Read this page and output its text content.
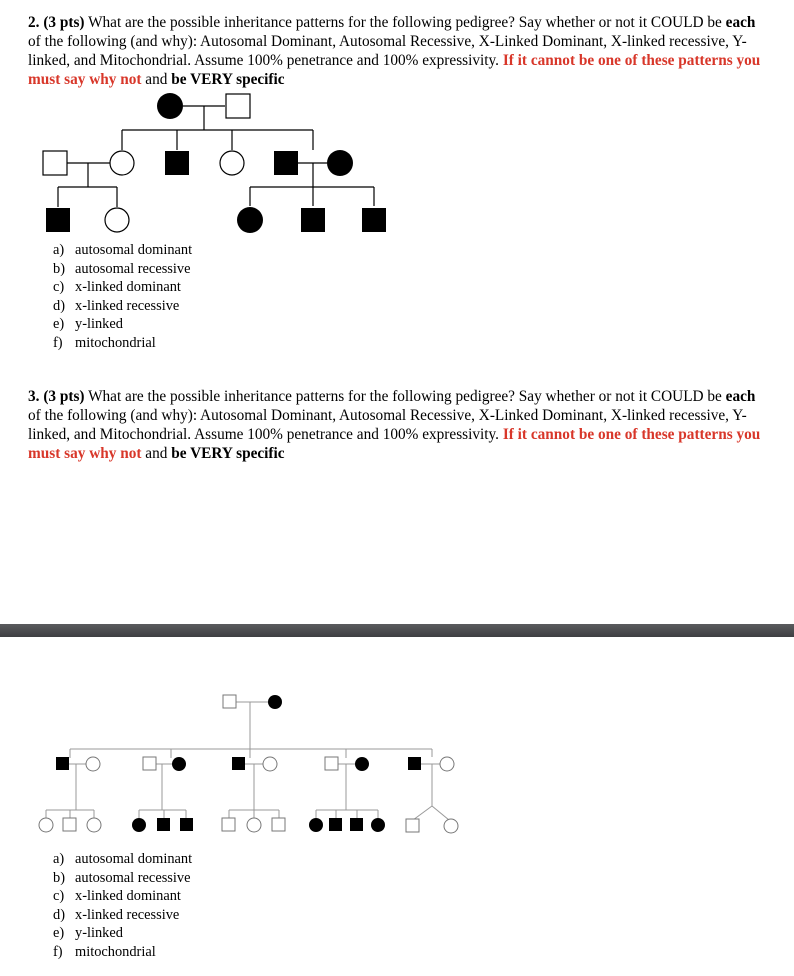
2. (3 pts) What are the possible inheritance patterns for the following pedigree? Say whether or not it COULD be each of the following (and why): Autosomal Dominant, Autosomal Recessive, X-Linked Dominant, X-linked recessive, Y-linked, and Mitochondrial. Assume 100% penetrance and 100% expressivity. If it cannot be one of these patterns you must say why not and be VERY specific
a) autosomal dominant
b) autosomal recessive
c) x-linked dominant
d) x-linked recessive
e) y-linked
f) mitochondrial
3. (3 pts) What are the possible inheritance patterns for the following pedigree? Say whether or not it COULD be each of the following (and why): Autosomal Dominant, Autosomal Recessive, X-Linked Dominant, X-linked recessive, Y-linked, and Mitochondrial. Assume 100% penetrance and 100% expressivity. If it cannot be one of these patterns you must say why not and be VERY specific
a) autosomal dominant
b) autosomal recessive
c) x-linked dominant
d) x-linked recessive
e) y-linked
f) mitochondrial
